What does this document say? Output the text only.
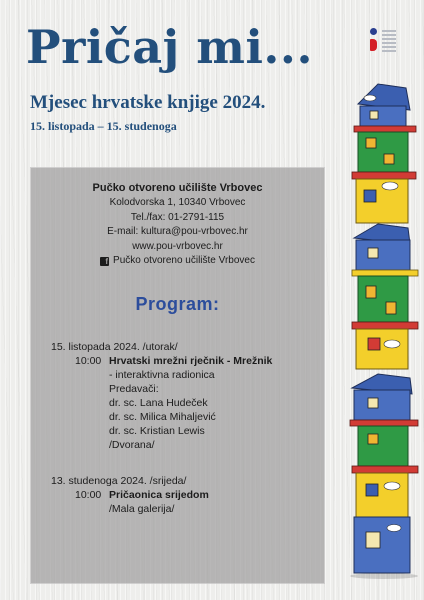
Pričaj mi...
Mjesec hrvatske knjige 2024.
15. listopada – 15. studenoga
Pučko otvoreno učilište Vrbovec
Kolodvorska 1, 10340 Vrbovec
Tel./fax: 01-2791-115
E-mail: kultura@pou-vrbovec.hr
www.pou-vrbovec.hr
f Pučko otvoreno učilište Vrbovec
Program:
15. listopada 2024. /utorak/
10:00 Hrvatski mrežni rječnik - Mrežnik
- interaktivna radionica
Predavači:
dr. sc. Lana Hudeček
dr. sc. Milica Mihaljević
dr. sc. Kristian Lewis
/Dvorana/
13. studenoga 2024. /srijeda/
10:00 Pričaonica srijedom
/Mala galerija/
